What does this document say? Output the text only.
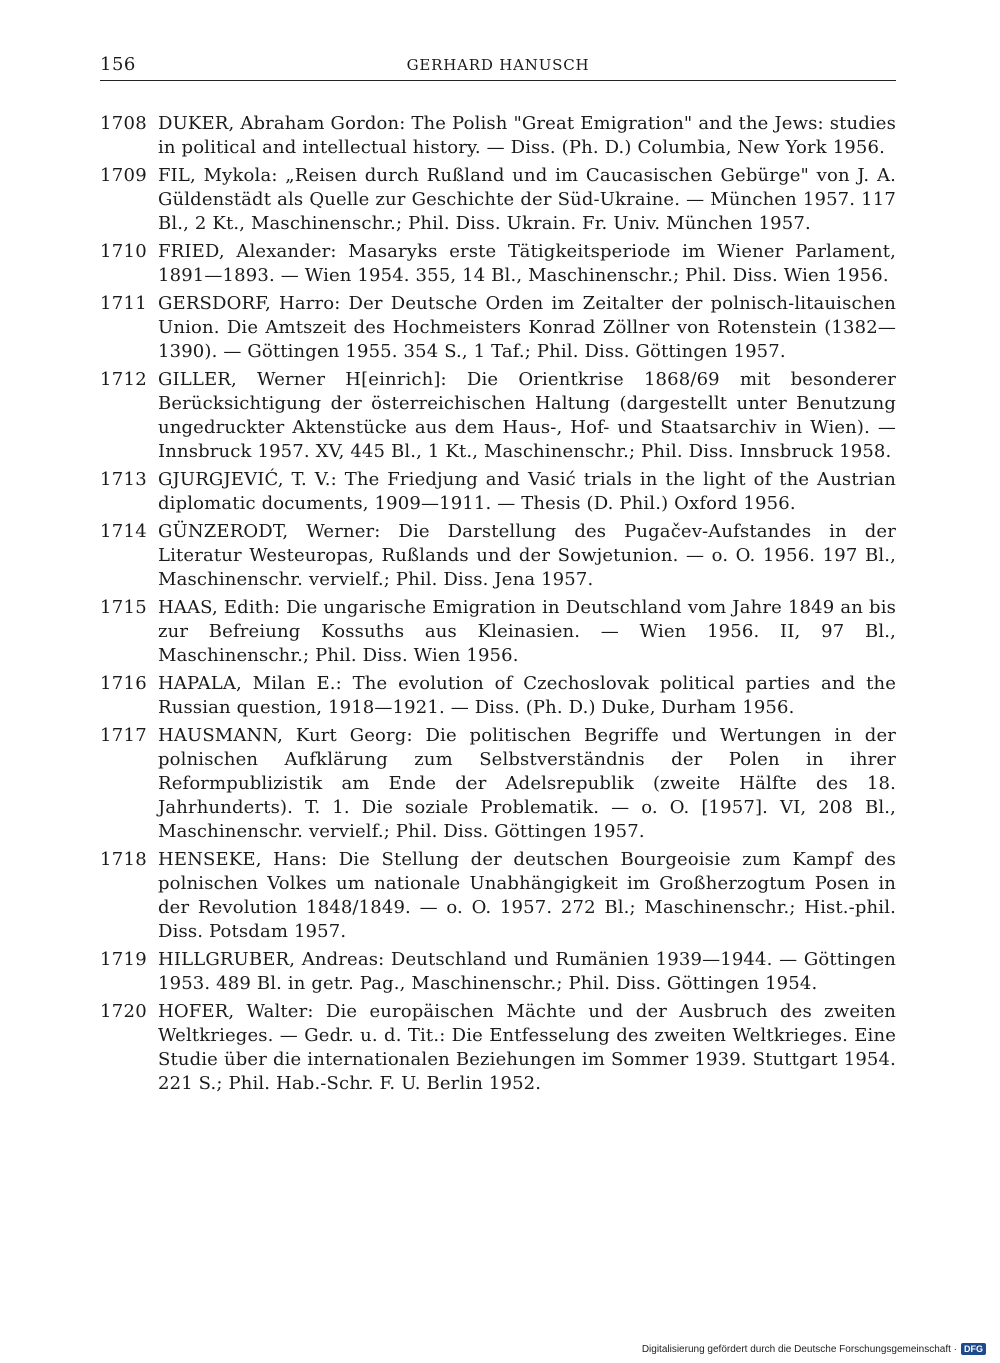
156	GERHARD HANUSCH
1708 DUKER, Abraham Gordon: The Polish "Great Emigration" and the Jews: studies in political and intellectual history. — Diss. (Ph. D.) Columbia, New York 1956.
1709 FIL, Mykola: „Reisen durch Rußland und im Caucasischen Gebürge" von J. A. Güldenstädt als Quelle zur Geschichte der Süd-Ukraine. — München 1957. 117 Bl., 2 Kt., Maschinenschr.; Phil. Diss. Ukrain. Fr. Univ. München 1957.
1710 FRIED, Alexander: Masaryks erste Tätigkeitsperiode im Wiener Parlament, 1891—1893. — Wien 1954. 355, 14 Bl., Maschinenschr.; Phil. Diss. Wien 1956.
1711 GERSDORF, Harro: Der Deutsche Orden im Zeitalter der polnisch-litauischen Union. Die Amtszeit des Hochmeisters Konrad Zöllner von Rotenstein (1382—1390). — Göttingen 1955. 354 S., 1 Taf.; Phil. Diss. Göttingen 1957.
1712 GILLER, Werner H[einrich]: Die Orientkrise 1868/69 mit besonderer Berücksichtigung der österreichischen Haltung (dargestellt unter Benutzung ungedruckter Aktenstücke aus dem Haus-, Hof- und Staatsarchiv in Wien). — Innsbruck 1957. XV, 445 Bl., 1 Kt., Maschinenschr.; Phil. Diss. Innsbruck 1958.
1713 GJURGJEVIĆ, T. V.: The Friedjung and Vasić trials in the light of the Austrian diplomatic documents, 1909—1911. — Thesis (D. Phil.) Oxford 1956.
1714 GÜNZERODT, Werner: Die Darstellung des Pugačev-Aufstandes in der Literatur Westeuropas, Rußlands und der Sowjetunion. — o. O. 1956. 197 Bl., Maschinenschr. vervielf.; Phil. Diss. Jena 1957.
1715 HAAS, Edith: Die ungarische Emigration in Deutschland vom Jahre 1849 an bis zur Befreiung Kossuths aus Kleinasien. — Wien 1956. II, 97 Bl., Maschinenschr.; Phil. Diss. Wien 1956.
1716 HAPALA, Milan E.: The evolution of Czechoslovak political parties and the Russian question, 1918—1921. — Diss. (Ph. D.) Duke, Durham 1956.
1717 HAUSMANN, Kurt Georg: Die politischen Begriffe und Wertungen in der polnischen Aufklärung zum Selbstverständnis der Polen in ihrer Reformpublizistik am Ende der Adelsrepublik (zweite Hälfte des 18. Jahrhunderts). T. 1. Die soziale Problematik. — o. O. [1957]. VI, 208 Bl., Maschinenschr. vervielf.; Phil. Diss. Göttingen 1957.
1718 HENSEKE, Hans: Die Stellung der deutschen Bourgeoisie zum Kampf des polnischen Volkes um nationale Unabhängigkeit im Großherzogtum Posen in der Revolution 1848/1849. — o. O. 1957. 272 Bl.; Maschinenschr.; Hist.-phil. Diss. Potsdam 1957.
1719 HILLGRUBER, Andreas: Deutschland und Rumänien 1939—1944. — Göttingen 1953. 489 Bl. in getr. Pag., Maschinenschr.; Phil. Diss. Göttingen 1954.
1720 HOFER, Walter: Die europäischen Mächte und der Ausbruch des zweiten Weltkrieges. — Gedr. u. d. Tit.: Die Entfesselung des zweiten Weltkrieges. Eine Studie über die internationalen Beziehungen im Sommer 1939. Stuttgart 1954. 221 S.; Phil. Hab.-Schr. F. U. Berlin 1952.
Digitalisierung gefördert durch die Deutsche Forschungsgemeinschaft · DFG
